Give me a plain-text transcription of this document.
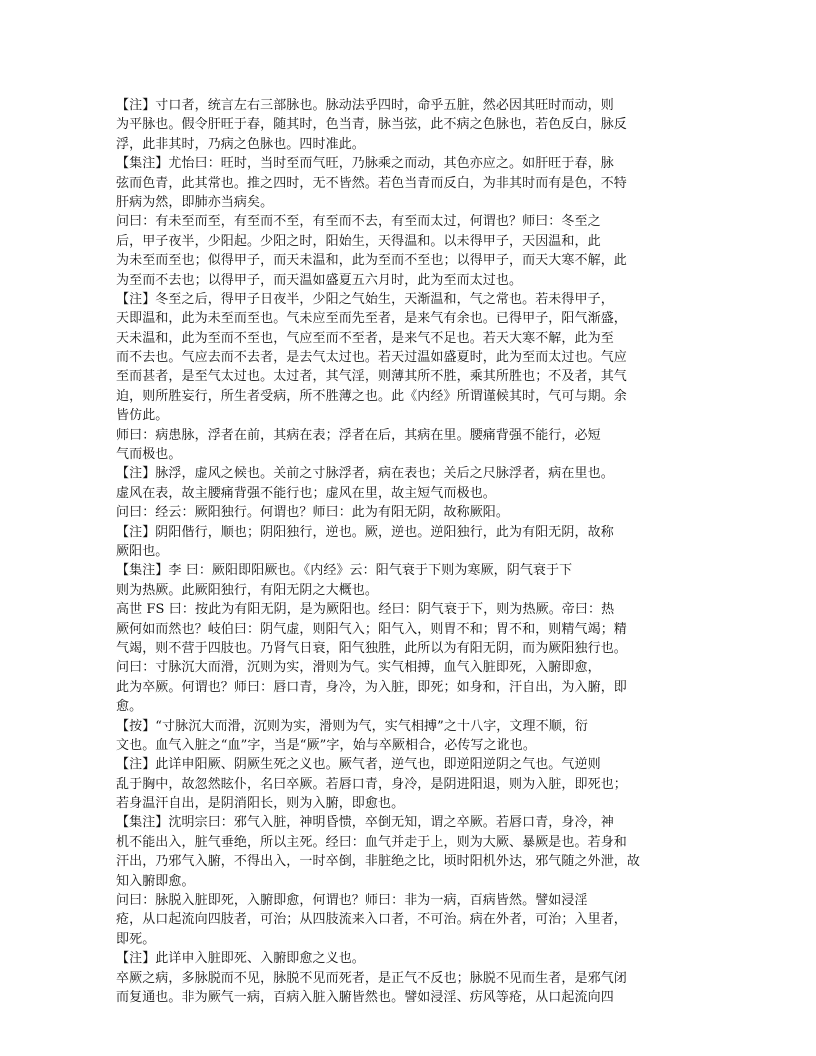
【注】寸口者，统言左右三部脉也。脉动法乎四时，命乎五脏，然必因其旺时而动，则
为平脉也。假令肝旺于春，随其时，色当青，脉当弦，此不病之色脉也，若色反白，脉反
浮，此非其时，乃病之色脉也。四时准此。
【集注】尤怡曰：旺时，当时至而气旺，乃脉乘之而动，其色亦应之。如肝旺于春，脉
弦而色青，此其常也。推之四时，无不皆然。若色当青而反白，为非其时而有是色，不特
肝病为然，即肺亦当病矣。
问曰：有未至而至，有至而不至，有至而不去，有至而太过，何谓也？师曰：冬至之
后，甲子夜半，少阳起。少阳之时，阳始生，天得温和。以未得甲子，天因温和，此
为未至而至也；似得甲子，而天未温和，此为至而不至也；以得甲子，而天大寒不解，此
为至而不去也；以得甲子，而天温如盛夏五六月时，此为至而太过也。
【注】冬至之后，得甲子日夜半，少阳之气始生，天渐温和，气之常也。若未得甲子，
天即温和，此为未至而至也。气未应至而先至者，是来气有余也。已得甲子，阳气渐盛，
天未温和，此为至而不至也，气应至而不至者，是来气不足也。若天大寒不解，此为至
而不去也。气应去而不去者，是去气太过也。若天过温如盛夏时，此为至而太过也。气应
至而甚者，是至气太过也。太过者，其气淫，则薄其所不胜，乘其所胜也；不及者，其气
迫，则所胜妄行，所生者受病，所不胜薄之也。此《内经》所谓谨候其时，气可与期。余
皆仿此。
师曰：病患脉，浮者在前，其病在表；浮者在后，其病在里。腰痛背强不能行，必短
气而极也。
【注】脉浮，虚风之候也。关前之寸脉浮者，病在表也；关后之尺脉浮者，病在里也。
虚风在表，故主腰痛背强不能行也；虚风在里，故主短气而极也。
问曰：经云：厥阳独行。何谓也？师曰：此为有阳无阴，故称厥阳。
【注】阴阳偕行，顺也；阴阳独行，逆也。厥，逆也。逆阳独行，此为有阳无阴，故称
厥阳也。
【集注】李 曰：厥阳即阳厥也。《内经》云：阳气衰于下则为寒厥，阴气衰于下
则为热厥。此厥阳独行，有阳无阴之大概也。
高世 FS 曰：按此为有阳无阴，是为厥阳也。经曰：阴气衰于下，则为热厥。帝曰：热
厥何如而然也？岐伯曰：阴气虚，则阳气入；阳气入，则胃不和；胃不和，则精气竭；精
气竭，则不营于四肢也。乃肾气日衰，阳气独胜，此所以为有阳无阴，而为厥阳独行也。
问曰：寸脉沉大而滑，沉则为实，滑则为气。实气相搏，血气入脏即死，入腑即愈，
此为卒厥。何谓也？师曰：唇口青，身冷，为入脏，即死；如身和，汗自出，为入腑，即
愈。
【按】“寸脉沉大而滑，沉则为实，滑则为气，实气相搏”之十八字，文理不顺，衍
文也。血气入脏之“血”字，当是“厥”字，始与卒厥相合，必传写之讹也。
【注】此详申阳厥、阴厥生死之义也。厥气者，逆气也，即逆阳逆阴之气也。气逆则
乱于胸中，故忽然眩仆，名曰卒厥。若唇口青，身冷，是阴进阳退，则为入脏，即死也；
若身温汗自出，是阴消阳长，则为入腑，即愈也。
【集注】沈明宗曰：邪气入脏，神明昏愦，卒倒无知，谓之卒厥。若唇口青，身冷，神
机不能出入，脏气垂绝，所以主死。经曰：血气并走于上，则为大厥、暴厥是也。若身和
汗出，乃邪气入腑，不得出入，一时卒倒，非脏绝之比，顷时阳机外达，邪气随之外泄，故
知入腑即愈。
问曰：脉脱入脏即死，入腑即愈，何谓也？师曰：非为一病，百病皆然。譬如浸淫
疮，从口起流向四肢者，可治；从四肢流来入口者，不可治。病在外者，可治；入里者，
即死。
【注】此详申入脏即死、入腑即愈之义也。
卒厥之病，多脉脱而不见，脉脱不见而死者，是正气不反也；脉脱不见而生者，是邪气闭
而复通也。非为厥气一病，百病入脏入腑皆然也。譬如浸淫、疠风等疮，从口起流向四
